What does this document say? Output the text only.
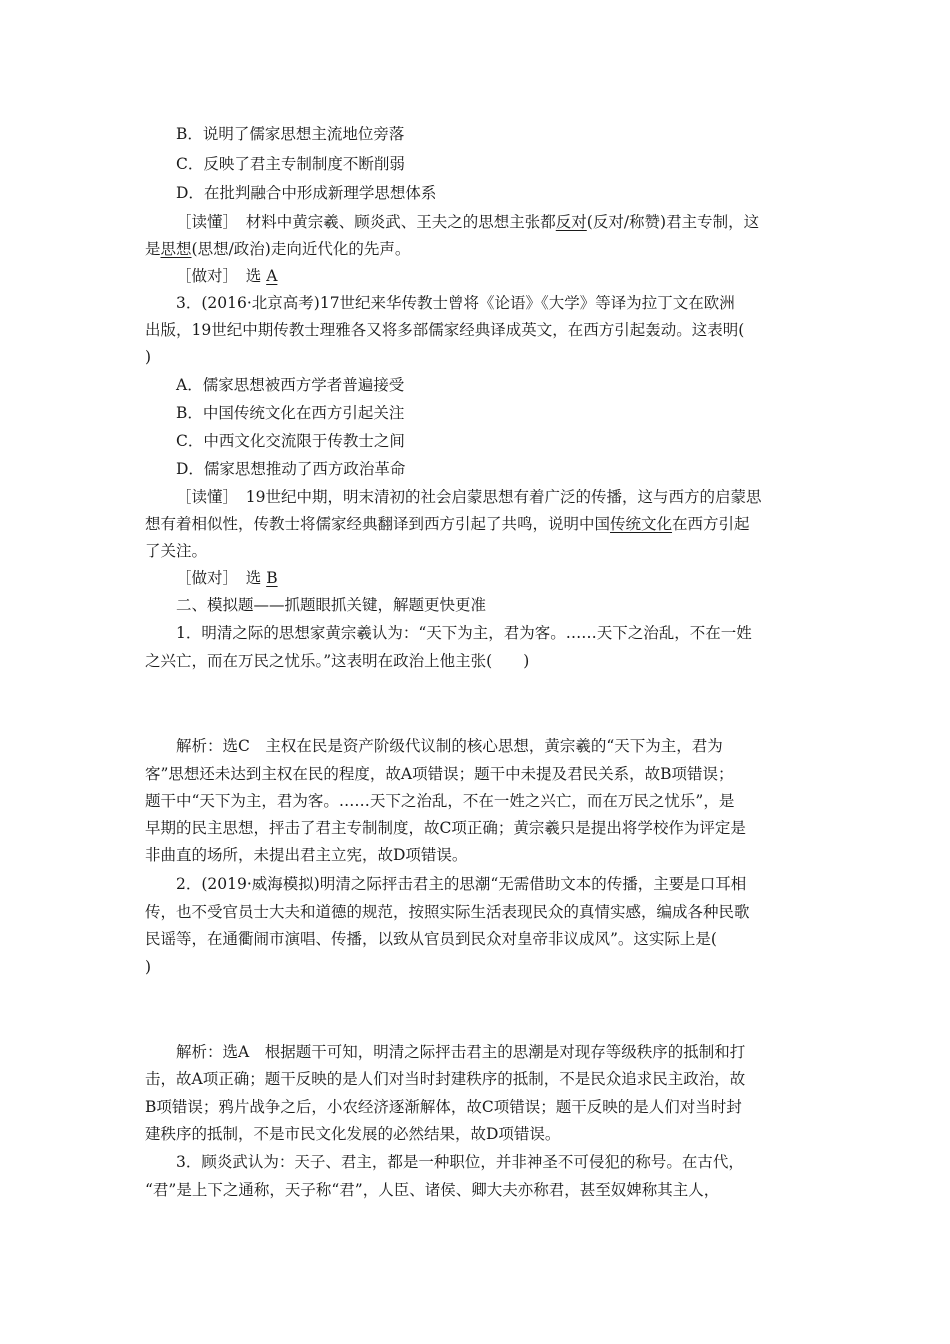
B．说明了儒家思想主流地位旁落
C．反映了君主专制制度不断削弱
D．在批判融合中形成新理学思想体系
［读懂］　材料中黄宗羲、顾炎武、王夫之的思想主张都反对(反对/称赞)君主专制，这
是思想(思想/政治)走向近代化的先声。
［做对］　选 A
3．(2016·北京高考)17世纪来华传教士曾将《论语》《大学》等译为拉丁文在欧洲
出版，19世纪中期传教士理雅各又将多部儒家经典译成英文，在西方引起轰动。这表明(
)
A．儒家思想被西方学者普遍接受
B．中国传统文化在西方引起关注
C．中西文化交流限于传教士之间
D．儒家思想推动了西方政治革命
［读懂］　19世纪中期，明末清初的社会启蒙思想有着广泛的传播，这与西方的启蒙思
想有着相似性，传教士将儒家经典翻译到西方引起了共鸣，说明中国传统文化在西方引起
了关注。
［做对］　选 B
二、模拟题——抓题眼抓关键，解题更快更准
1．明清之际的思想家黄宗羲认为：“天下为主，君为客。……天下之治乱，不在一姓
之兴亡，而在万民之忧乐。”这表明在政治上他主张(　　)
解析：选C　主权在民是资产阶级代议制的核心思想，黄宗羲的“天下为主，君为
客”思想还未达到主权在民的程度，故A项错误；题干中未提及君民关系，故B项错误；
题干中“天下为主，君为客。……天下之治乱，不在一姓之兴亡，而在万民之忧乐”，是
早期的民主思想，抨击了君主专制制度，故C项正确；黄宗羲只是提出将学校作为评定是
非曲直的场所，未提出君主立宪，故D项错误。
2．(2019·威海模拟)明清之际抨击君主的思潮“无需借助文本的传播，主要是口耳相
传，也不受官员士大夫和道德的规范，按照实际生活表现民众的真情实感，编成各种民歌
民谣等，在通衢闹市演唱、传播，以致从官员到民众对皇帝非议成风”。这实际上是(
)
解析：选A　根据题干可知，明清之际抨击君主的思潮是对现存等级秩序的抵制和打
击，故A项正确；题干反映的是人们对当时封建秩序的抵制，不是民众追求民主政治，故
B项错误；鸦片战争之后，小农经济逐渐解体，故C项错误；题干反映的是人们对当时封
建秩序的抵制，不是市民文化发展的必然结果，故D项错误。
3．顾炎武认为：天子、君主，都是一种职位，并非神圣不可侵犯的称号。在古代，
“君”是上下之通称，天子称“君”，人臣、诸侯、卿大夫亦称君，甚至奴婢称其主人，
